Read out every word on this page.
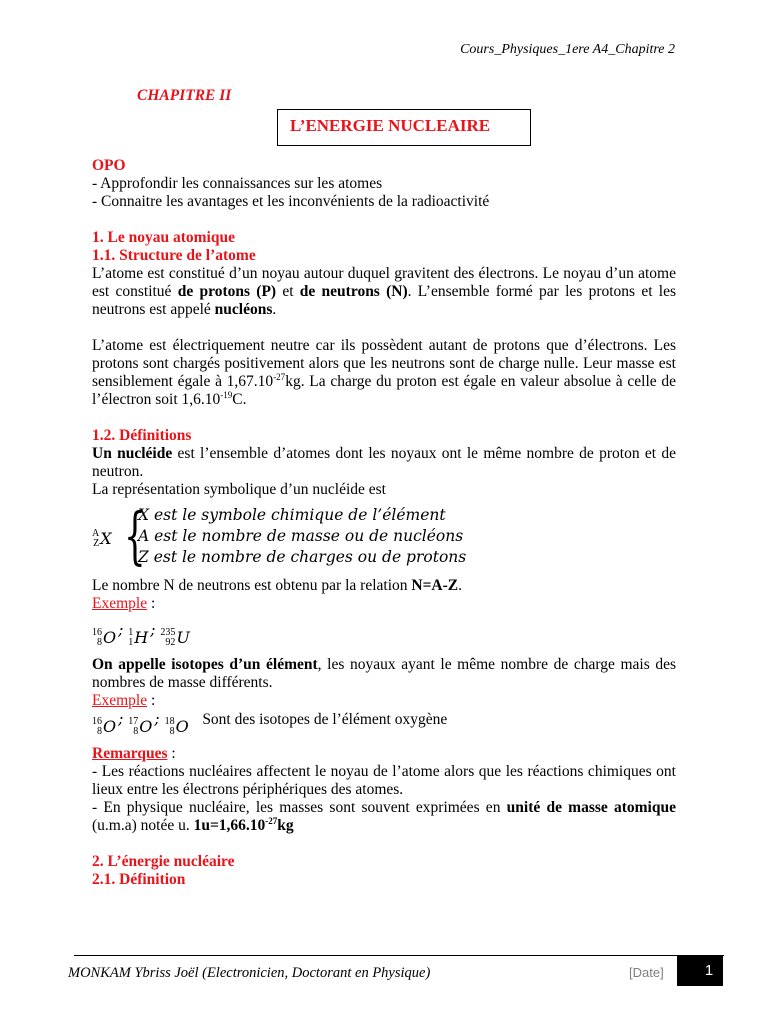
Cours_Physiques_1ere A4_Chapitre 2
CHAPITRE II
L’ENERGIE NUCLEAIRE

OPO

- Approfondir les connaissances sur les atomes

- Connaitre les avantages et les inconvénients de la radioactivité

1. Le noyau atomique

1.1. Structure de l’atome

L’atome est constitué d’un noyau autour duquel gravitent des électrons. Le noyau d’un atome est constitué de protons (P) et de neutrons (N). L’ensemble formé par les protons et les neutrons est appelé nucléons.

L’atome est électriquement neutre car ils possèdent autant de protons que d’électrons. Les protons sont chargés positivement alors que les neutrons sont de charge nulle. Leur masse est sensiblement égale à $1,67.10^{-27}kg$. La charge du proton est égale en valeur absolue à celle de l’électron soit $1,6.10^{-19}C$.

1.2. Définitions

Un nucléide est l’ensemble d’atomes dont les noyaux ont le même nombre de proton et de neutron.

La représentation symbolique d’un nucléide est

A
Z X {
X est le symbole chimique de l’élément
A est le nombre de masse ou de nucléons
Z est le nombre de charges ou de protons

Le nombre N de neutrons est obtenu par la relation N=A-Z.

Exemple :

16
8 O ; 1
1 H ; 235
92 U

On appelle isotopes d’un élément, les noyaux ayant le même nombre de charge mais des nombres de masse différents.

Exemple :

16
8 O ; 17
8 O ; 18
8 O Sont des isotopes de l’élément oxygène

Remarques :

- Les réactions nucléaires affectent le noyau de l’atome alors que les réactions chimiques ont lieux entre les électrons périphériques des atomes.

- En physique nucléaire, les masses sont souvent exprimées en unité de masse atomique (u.m.a) notée u. $1u=1,66.10^{-27}kg$

2. L’énergie nucléaire

2.1. Définition

MONKAM Ybriss Joël (Electronicien, Doctorant en Physique)	[Date]	1
